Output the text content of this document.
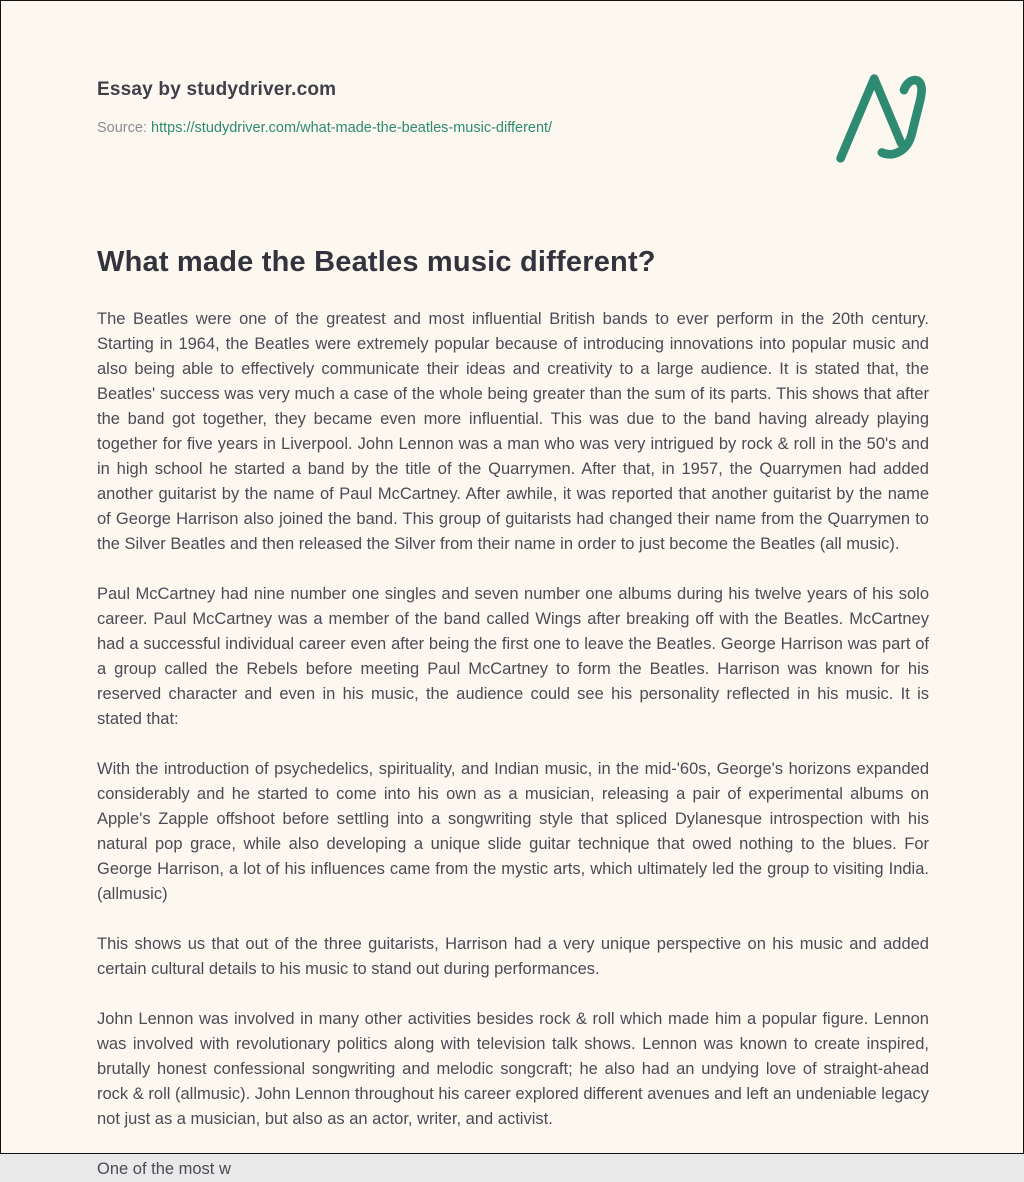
Essay by studydriver.com
Source: https://studydriver.com/what-made-the-beatles-music-different/
What made the Beatles music different?

The Beatles were one of the greatest and most influential British bands to ever perform in the 20th century. Starting in 1964, the Beatles were extremely popular because of introducing innovations into popular music and also being able to effectively communicate their ideas and creativity to a large audience. It is stated that, the Beatles' success was very much a case of the whole being greater than the sum of its parts. This shows that after the band got together, they became even more influential. This was due to the band having already playing together for five years in Liverpool. John Lennon was a man who was very intrigued by rock & roll in the 50's and in high school he started a band by the title of the Quarrymen. After that, in 1957, the Quarrymen had added another guitarist by the name of Paul McCartney. After awhile, it was reported that another guitarist by the name of George Harrison also joined the band. This group of guitarists had changed their name from the Quarrymen to the Silver Beatles and then released the Silver from their name in order to just become the Beatles (all music).

Paul McCartney had nine number one singles and seven number one albums during his twelve years of his solo career. Paul McCartney was a member of the band called Wings after breaking off with the Beatles. McCartney had a successful individual career even after being the first one to leave the Beatles. George Harrison was part of a group called the Rebels before meeting Paul McCartney to form the Beatles. Harrison was known for his reserved character and even in his music, the audience could see his personality reflected in his music. It is stated that:

With the introduction of psychedelics, spirituality, and Indian music, in the mid-'60s, George's horizons expanded considerably and he started to come into his own as a musician, releasing a pair of experimental albums on Apple's Zapple offshoot before settling into a songwriting style that spliced Dylanesque introspection with his natural pop grace, while also developing a unique slide guitar technique that owed nothing to the blues. For George Harrison, a lot of his influences came from the mystic arts, which ultimately led the group to visiting India. (allmusic)

This shows us that out of the three guitarists, Harrison had a very unique perspective on his music and added certain cultural details to his music to stand out during performances.

John Lennon was involved in many other activities besides rock & roll which made him a popular figure. Lennon was involved with revolutionary politics along with television talk shows. Lennon was known to create inspired, brutally honest confessional songwriting and melodic songcraft; he also had an undying love of straight-ahead rock & roll (allmusic). John Lennon throughout his career explored different avenues and left an undeniable legacy not just as a musician, but also as an actor, writer, and activist.

One of the most w
